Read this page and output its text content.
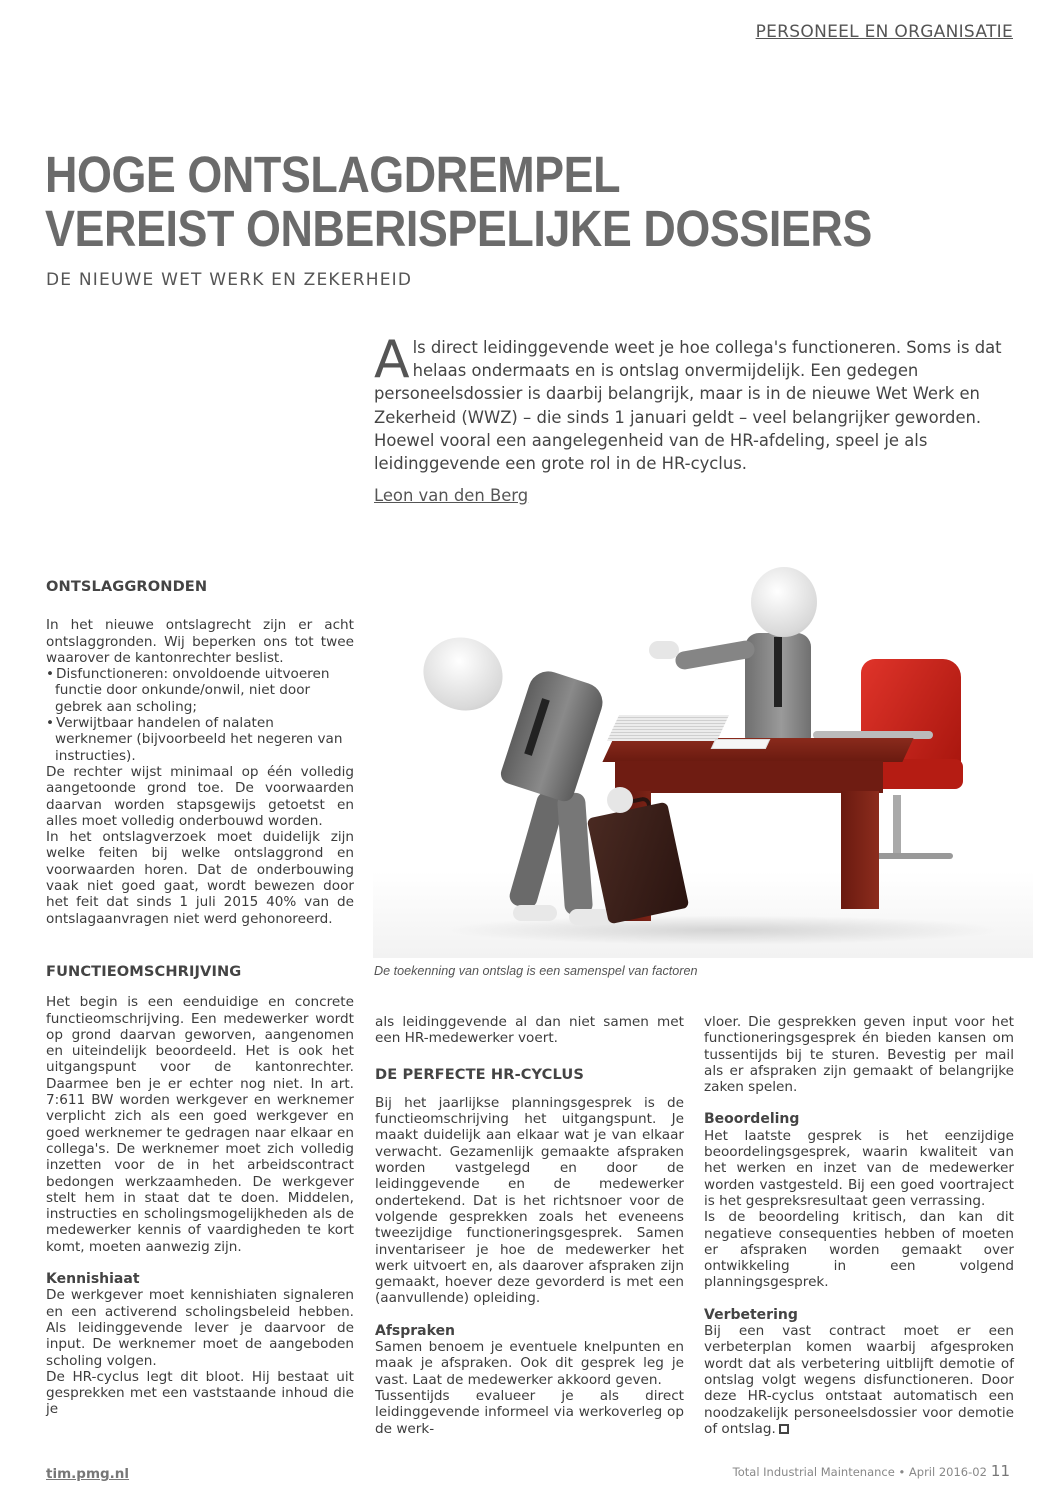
PERSONEEL EN ORGANISATIE
HOGE ONTSLAGDREMPEL
VEREIST ONBERISPELIJKE DOSSIERS
DE NIEUWE WET WERK EN ZEKERHEID
Als direct leidinggevende weet je hoe collega's functioneren. Soms is dat helaas ondermaats en is ontslag onvermijdelijk. Een gedegen personeelsdossier is daarbij belangrijk, maar is in de nieuwe Wet Werk en Zekerheid (WWZ) – die sinds 1 januari geldt – veel belangrijker geworden. Hoewel vooral een aangelegenheid van de HR-afdeling, speel je als leidinggevende een grote rol in de HR-cyclus.
Leon van den Berg
ONTSLAGGRONDEN

In het nieuwe ontslagrecht zijn er acht ontslaggronden. Wij beperken ons tot twee waarover de kantonrechter beslist.

• Disfunctioneren: onvoldoende uitvoeren functie door onkunde/onwil, niet door gebrek aan scholing;
• Verwijtbaar handelen of nalaten werknemer (bijvoorbeeld het negeren van instructies).

De rechter wijst minimaal op één volledig aangetoonde grond toe. De voorwaarden daarvan worden stapsgewijs getoetst en alles moet volledig onderbouwd worden.

In het ontslagverzoek moet duidelijk zijn welke feiten bij welke ontslaggrond en voorwaarden horen. Dat de onderbouwing vaak niet goed gaat, wordt bewezen door het feit dat sinds 1 juli 2015 40% van de ontslagaanvragen niet werd gehonoreerd.

FUNCTIEOMSCHRIJVING

Het begin is een eenduidige en concrete functieomschrijving. Een medewerker wordt op grond daarvan geworven, aangenomen en uiteindelijk beoordeeld. Het is ook het uitgangspunt voor de kantonrechter. Daarmee ben je er echter nog niet. In art. 7:611 BW worden werkgever en werknemer verplicht zich als een goed werkgever en goed werknemer te gedragen naar elkaar en collega's. De werknemer moet zich volledig inzetten voor de in het arbeidscontract bedongen werkzaamheden. De werkgever stelt hem in staat dat te doen. Middelen, instructies en scholingsmogelijkheden als de medewerker kennis of vaardigheden te kort komt, moeten aanwezig zijn.

Kennishiaat

De werkgever moet kennishiaten signaleren en een activerend scholingsbeleid hebben. Als leidinggevende lever je daarvoor de input. De werknemer moet de aangeboden scholing volgen.

De HR-cyclus legt dit bloot. Hij bestaat uit gesprekken met een vaststaande inhoud die je

De toekenning van ontslag is een samenspel van factoren

als leidinggevende al dan niet samen met een HR-medewerker voert.

DE PERFECTE HR-CYCLUS

Bij het jaarlijkse planningsgesprek is de functieomschrijving het uitgangspunt. Je maakt duidelijk aan elkaar wat je van elkaar verwacht. Gezamenlijk gemaakte afspraken worden vastgelegd en door de leidinggevende en de medewerker ondertekend. Dat is het richtsnoer voor de volgende gesprekken zoals het eveneens tweezijdige functioneringsgesprek. Samen inventariseer je hoe de medewerker het werk uitvoert en, als daarover afspraken zijn gemaakt, hoever deze gevorderd is met een (aanvullende) opleiding.

Afspraken

Samen benoem je eventuele knelpunten en maak je afspraken. Ook dit gesprek leg je vast. Laat de medewerker akkoord geven.

Tussentijds evalueer je als direct leidinggevende informeel via werkoverleg op de werk-

vloer. Die gesprekken geven input voor het functioneringsgesprek én bieden kansen om tussentijds bij te sturen. Bevestig per mail als er afspraken zijn gemaakt of belangrijke zaken spelen.

Beoordeling

Het laatste gesprek is het eenzijdige beoordelingsgesprek, waarin kwaliteit van het werken en inzet van de medewerker worden vastgesteld. Bij een goed voortraject is het gespreksresultaat geen verrassing.

Is de beoordeling kritisch, dan kan dit negatieve consequenties hebben of moeten er afspraken worden gemaakt over ontwikkeling in een volgend planningsgesprek.

Verbetering

Bij een vast contract moet er een verbeterplan komen waarbij afgesproken wordt dat als verbetering uitblijft demotie of ontslag volgt wegens disfunctioneren. Door deze HR-cyclus ontstaat automatisch een noodzakelijk personeelsdossier voor demotie of ontslag.

tim.pmg.nl	Total Industrial Maintenance • April 2016-02 11
